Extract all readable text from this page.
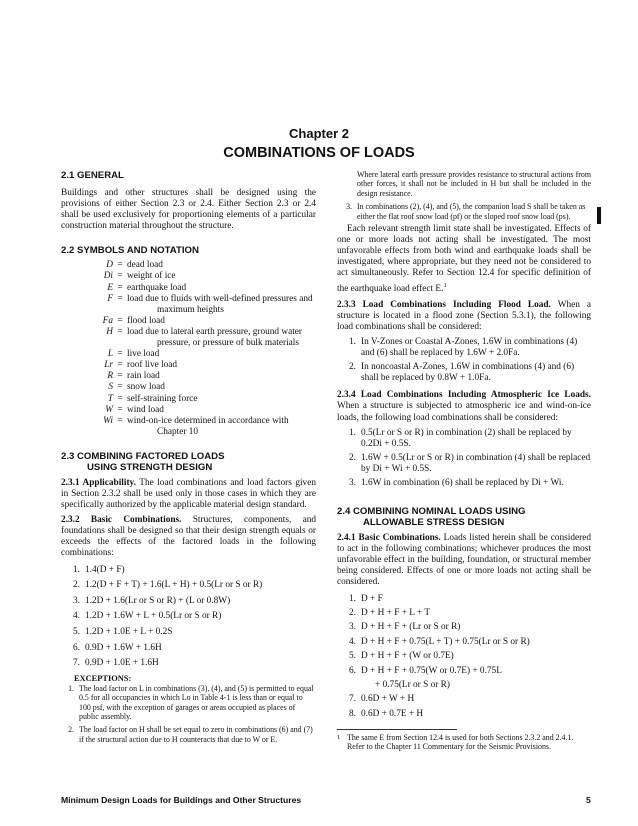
Chapter 2
COMBINATIONS OF LOADS
2.1 GENERAL

Buildings and other structures shall be designed using the provisions of either Section 2.3 or 2.4. Either Section 2.3 or 2.4 shall be used exclusively for proportioning elements of a particular construction material throughout the structure.

2.2 SYMBOLS AND NOTATION
D = dead load
Di = weight of ice
E = earthquake load
F = load due to fluids with well-defined pressures and maximum heights
Fa = flood load
H = load due to lateral earth pressure, ground water pressure, or pressure of bulk materials
L = live load
Lr = roof live load
R = rain load
S = snow load
T = self-straining force
W = wind load
Wi = wind-on-ice determined in accordance with Chapter 10
2.3 COMBINING FACTORED LOADS
USING STRENGTH DESIGN

2.3.1 Applicability. The load combinations and load factors given in Section 2.3.2 shall be used only in those cases in which they are specifically authorized by the applicable material design standard.

2.3.2 Basic Combinations. Structures, components, and foundations shall be designed so that their design strength equals or exceeds the effects of the factored loads in the following combinations:

1. 1.4(D + F)
2. 1.2(D + F + T) + 1.6(L + H) + 0.5(Lr or S or R)
3. 1.2D + 1.6(Lr or S or R) + (L or 0.8W)
4. 1.2D + 1.6W + L + 0.5(Lr or S or R)
5. 1.2D + 1.0E + L + 0.2S
6. 0.9D + 1.6W + 1.6H
7. 0.9D + 1.0E + 1.6H
EXCEPTIONS:
1. The load factor on L in combinations (3), (4), and (5) is permitted to equal 0.5 for all occupancies in which Lo in Table 4-1 is less than or equal to 100 psf, with the exception of garages or areas occupied as places of public assembly.
2. The load factor on H shall be set equal to zero in combinations (6) and (7) if the structural action due to H counteracts that due to W or E.

Where lateral earth pressure provides resistance to structural actions from other forces, it shall not be included in H but shall be included in the design resistance.

3. In combinations (2), (4), and (5), the companion load S shall be taken as either the flat roof snow load (pf) or the sloped roof snow load (ps).

Each relevant strength limit state shall be investigated. Effects of one or more loads not acting shall be investigated. The most unfavorable effects from both wind and earthquake loads shall be investigated, where appropriate, but they need not be considered to act simultaneously. Refer to Section 12.4 for specific definition of the earthquake load effect E.$^1$

2.3.3 Load Combinations Including Flood Load. When a structure is located in a flood zone (Section 5.3.1), the following load combinations shall be considered:

1. In V-Zones or Coastal A-Zones, 1.6W in combinations (4) and (6) shall be replaced by 1.6W + 2.0Fa.
2. In noncoastal A-Zones, 1.6W in combinations (4) and (6) shall be replaced by 0.8W + 1.0Fa.

2.3.4 Load Combinations Including Atmospheric Ice Loads. When a structure is subjected to atmospheric ice and wind-on-ice loads, the following load combinations shall be considered:

1. 0.5(Lr or S or R) in combination (2) shall be replaced by 0.2Di + 0.5S.
2. 1.6W + 0.5(Lr or S or R) in combination (4) shall be replaced by Di + Wi + 0.5S.
3. 1.6W in combination (6) shall be replaced by Di + Wi.
2.4 COMBINING NOMINAL LOADS USING
ALLOWABLE STRESS DESIGN

2.4.1 Basic Combinations. Loads listed herein shall be considered to act in the following combinations; whichever produces the most unfavorable effect in the building, foundation, or structural member being considered. Effects of one or more loads not acting shall be considered.

1. D + F
2. D + H + F + L + T
3. D + H + F + (Lr or S or R)
4. D + H + F + 0.75(L + T) + 0.75(Lr or S or R)
5. D + H + F + (W or 0.7E)
6. D + H + F + 0.75(W or 0.7E) + 0.75L
+ 0.75(Lr or S or R)
7. 0.6D + W + H
8. 0.6D + 0.7E + H
1 The same E from Section 12.4 is used for both Sections 2.3.2 and 2.4.1. Refer to the Chapter 11 Commentary for the Seismic Provisions.
Minimum Design Loads for Buildings and Other Structures	5
